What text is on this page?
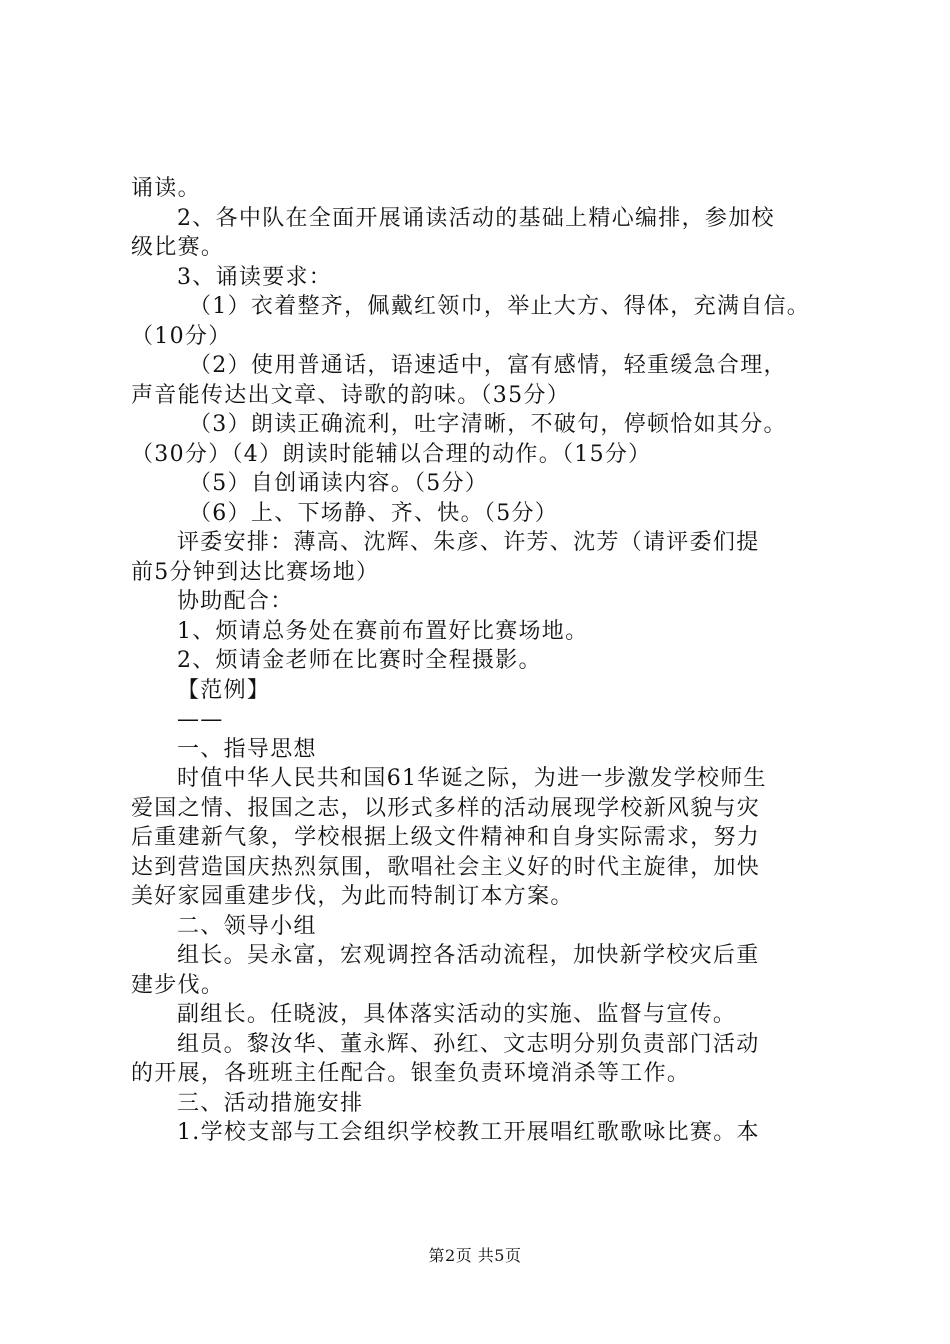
诵读。
2、各中队在全面开展诵读活动的基础上精心编排，参加校
级比赛。
3、诵读要求：
（1）衣着整齐，佩戴红领巾，举止大方、得体，充满自信。
（10分）
（2）使用普通话，语速适中，富有感情，轻重缓急合理，
声音能传达出文章、诗歌的韵味。（35分）
（3）朗读正确流利，吐字清晰，不破句，停顿恰如其分。
（30分）（4）朗读时能辅以合理的动作。（15分）
（5）自创诵读内容。（5分）
（6）上、下场静、齐、快。（5分）
评委安排：薄高、沈辉、朱彦、许芳、沈芳（请评委们提
前5分钟到达比赛场地）
协助配合：
1、烦请总务处在赛前布置好比赛场地。
2、烦请金老师在比赛时全程摄影。
【范例】
——
一、指导思想
时值中华人民共和国61华诞之际，为进一步激发学校师生
爱国之情、报国之志，以形式多样的活动展现学校新风貌与灾
后重建新气象，学校根据上级文件精神和自身实际需求，努力
达到营造国庆热烈氛围，歌唱社会主义好的时代主旋律，加快
美好家园重建步伐，为此而特制订本方案。
二、领导小组
组长。吴永富，宏观调控各活动流程，加快新学校灾后重
建步伐。
副组长。任晓波，具体落实活动的实施、监督与宣传。
组员。黎汝华、董永辉、孙红、文志明分别负责部门活动
的开展，各班班主任配合。银奎负责环境消杀等工作。
三、活动措施安排
1.学校支部与工会组织学校教工开展唱红歌歌咏比赛。本
第2页 共5页
